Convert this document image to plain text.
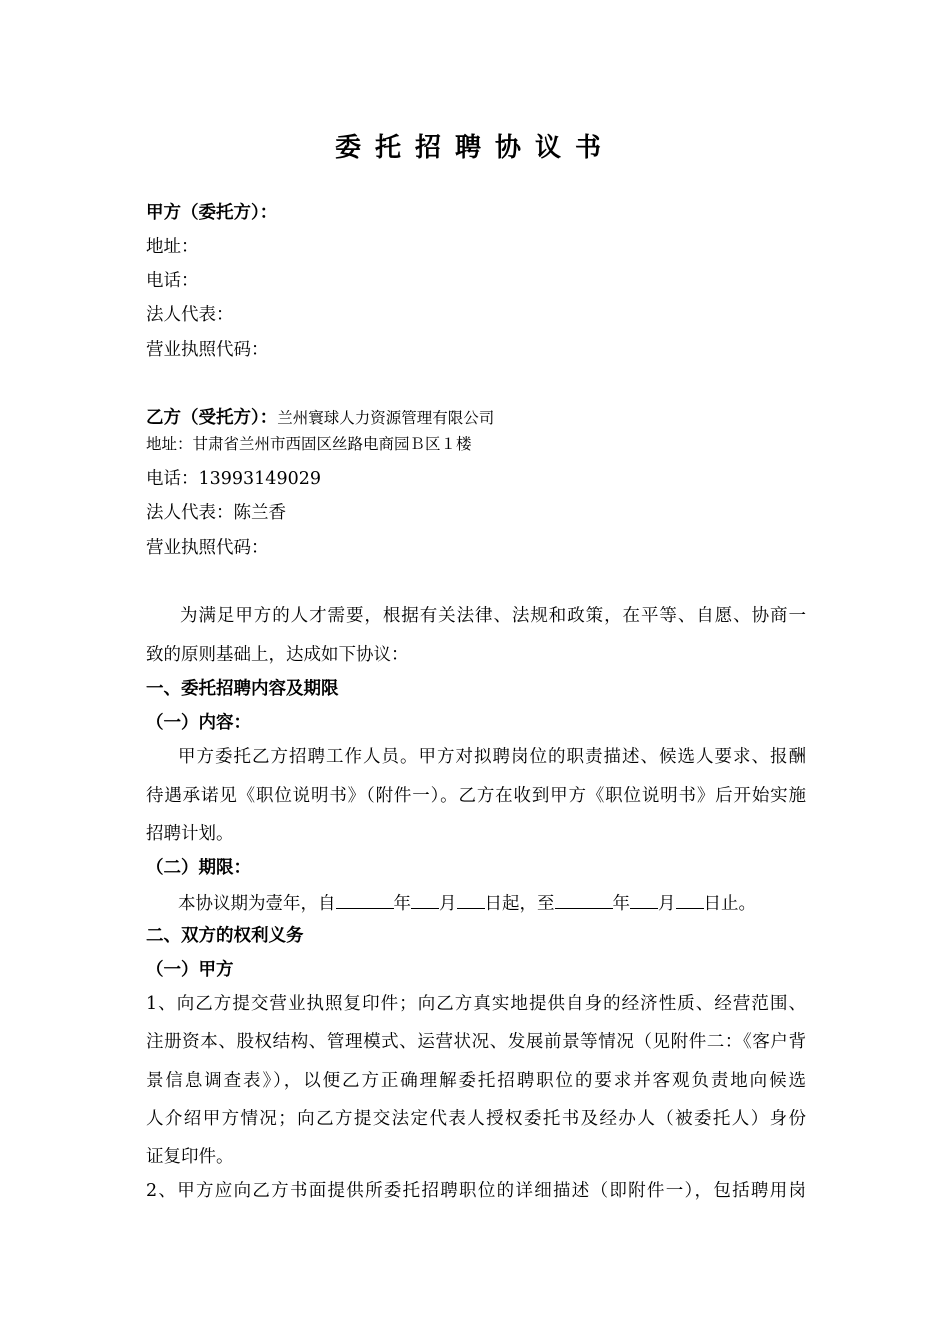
委托招聘协议书
甲方（委托方）：
地址：
电话：
法人代表：
营业执照代码：
乙方（受托方）：兰州寰球人力资源管理有限公司
地址：甘肃省兰州市西固区丝路电商园Ｂ区１楼
电话：13993149029
法人代表：陈兰香
营业执照代码：
为满足甲方的人才需要，根据有关法律、法规和政策，在平等、自愿、协商一
致的原则基础上，达成如下协议：
一、委托招聘内容及期限
（一）内容：
甲方委托乙方招聘工作人员。甲方对拟聘岗位的职责描述、候选人要求、报酬
待遇承诺见《职位说明书》（附件一）。乙方在收到甲方《职位说明书》后开始实施
招聘计划。
（二）期限：
本协议期为壹年，自	年 月 日起，至	年 月 日止。
二、双方的权利义务
（一）甲方
1、向乙方提交营业执照复印件；向乙方真实地提供自身的经济性质、经营范围、
注册资本、股权结构、管理模式、运营状况、发展前景等情况（见附件二：《客户背
景信息调查表》），以便乙方正确理解委托招聘职位的要求并客观负责地向候选
人介绍甲方情况；向乙方提交法定代表人授权委托书及经办人（被委托人）身份
证复印件。
2、甲方应向乙方书面提供所委托招聘职位的详细描述（即附件一），包括聘用岗
